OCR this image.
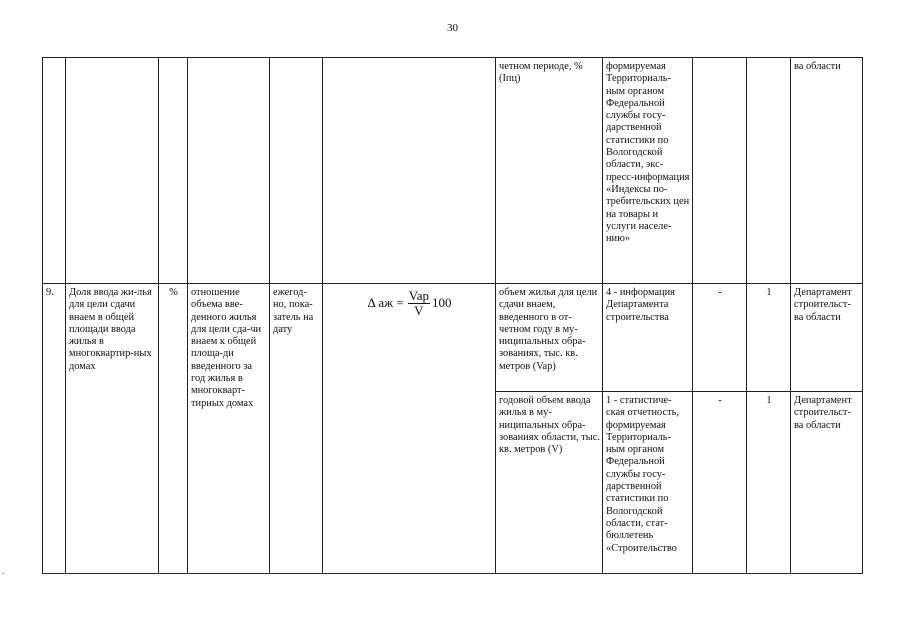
30
						четном периоде, % (Iпц)	формируемая Территориаль-ным органом Федеральной службы госу-дарственной статистики по Вологодской области, экс-пресс-информация «Индексы по-требительских цен на товары и услуги населе-нию»			ва области
9.	Доля ввода жи-лья для цели сдачи внаем в общей площади ввода жилья в многоквартир-ных домах	%	отношение объема вве-денного жилья для цели сда-чи внаем к общей площа-ди введенного за год жилья в многокварт-тирных домах	ежегод-но, пока-затель на дату	Δ аж = $\frac{\text{Vap}}{V} 100$	объем жилья для цели сдачи внаем, введенного в от-четном году в му-ниципальных обра-зованиях, тыс. кв. метров (Vap)	4 - информация Департамента строительства	-	1	Департамент строительст-ва области
						годовой объем ввода жилья в му-ниципальных обра-зованиях области, тыс. кв. метров (V)	1 - статистиче-ская отчетность, формируемая Территориаль-ным органом Федеральной службы госу-дарственной статистики по Вологодской области, стат-бюллетень «Строительство	-	1	Департамент строительст-ва области
-
